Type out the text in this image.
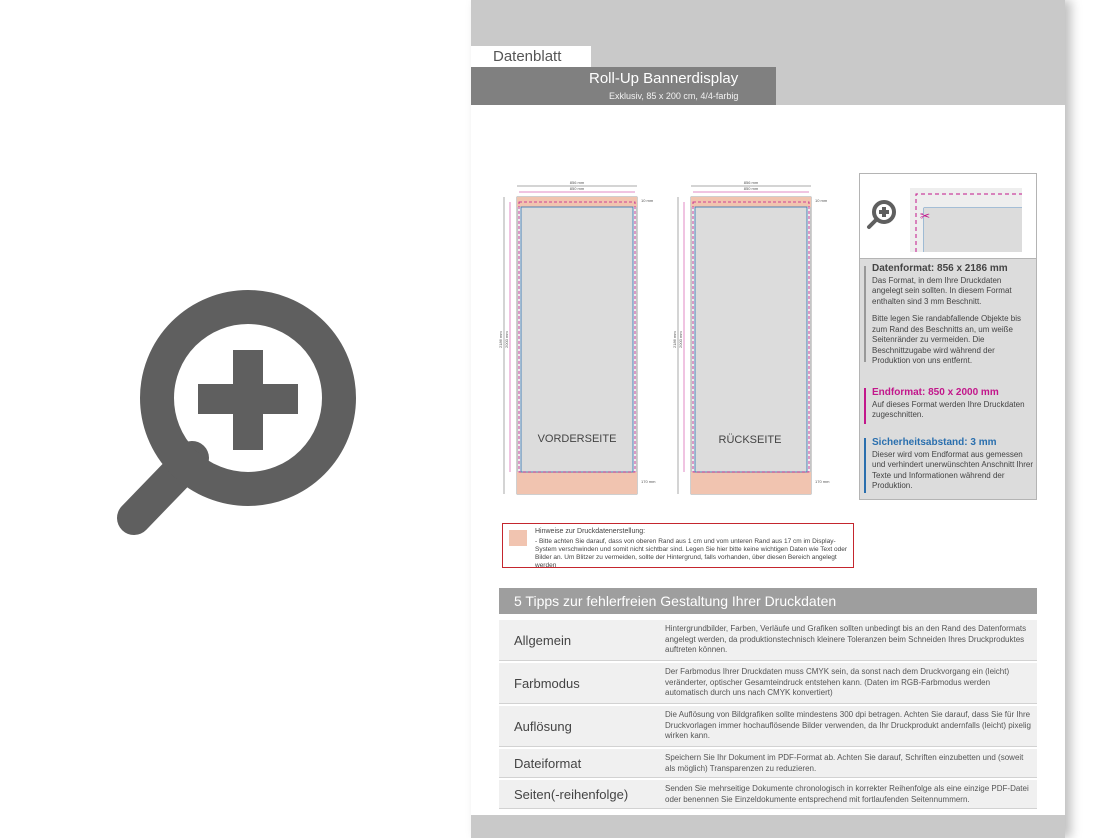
Datenblatt
Roll-Up Bannerdisplay
Exklusiv, 85 x 200 cm, 4/4-farbig
856 mm
850 mm
10 mm
170 mm
2186 mm 2000 mm
VORDERSEITE
856 mm
850 mm
10 mm
170 mm
2186 mm 2000 mm
RÜCKSEITE
✂
Datenformat: 856 x 2186 mm
Das Format, in dem Ihre Druckdaten angelegt sein sollten. In diesem Format enthalten sind 3 mm Beschnitt.
Bitte legen Sie randabfallende Objekte bis zum Rand des Beschnitts an, um weiße Seitenränder zu vermeiden. Die Beschnittzugabe wird während der Produktion von uns entfernt.
Endformat: 850 x 2000 mm
Auf dieses Format werden Ihre Druckdaten zugeschnitten.
Sicherheitsabstand: 3 mm
Dieser wird vom Endformat aus gemessen und verhindert unerwünschten Anschnitt Ihrer Texte und Informationen während der Produktion.
Hinweise zur Druckdatenerstellung:
- Bitte achten Sie darauf, dass von oberen Rand aus 1 cm und vom unteren Rand aus 17 cm im Display-System verschwinden und somit nicht sichtbar sind. Legen Sie hier bitte keine wichtigen Daten wie Text oder Bilder an. Um Blitzer zu vermeiden, sollte der Hintergrund, falls vorhanden, über diesen Bereich angelegt werden
5 Tipps zur fehlerfreien Gestaltung Ihrer Druckdaten
Allgemein
Hintergrundbilder, Farben, Verläufe und Grafiken sollten unbedingt bis an den Rand des Datenformats angelegt werden, da produktionstechnisch kleinere Toleranzen beim Schneiden Ihres Druckproduktes auftreten können.
Farbmodus
Der Farbmodus Ihrer Druckdaten muss CMYK sein, da sonst nach dem Druckvorgang ein (leicht) veränderter, optischer Gesamteindruck entstehen kann. (Daten im RGB-Farbmodus werden automatisch durch uns nach CMYK konvertiert)
Auflösung
Die Auflösung von Bildgrafiken sollte mindestens 300 dpi betragen. Achten Sie darauf, dass Sie für Ihre Druckvorlagen immer hochauflösende Bilder verwenden, da Ihr Druckprodukt andernfalls (leicht) pixelig wirken kann.
Dateiformat	Speichern Sie Ihr Dokument im PDF-Format ab. Achten Sie darauf, Schriften einzubetten und (soweit als möglich) Transparenzen zu reduzieren.
Seiten(-reihenfolge)	Senden Sie mehrseitige Dokumente chronologisch in korrekter Reihenfolge als eine einzige PDF-Datei oder benennen Sie Einzeldokumente entsprechend mit fortlaufenden Seitennummern.
